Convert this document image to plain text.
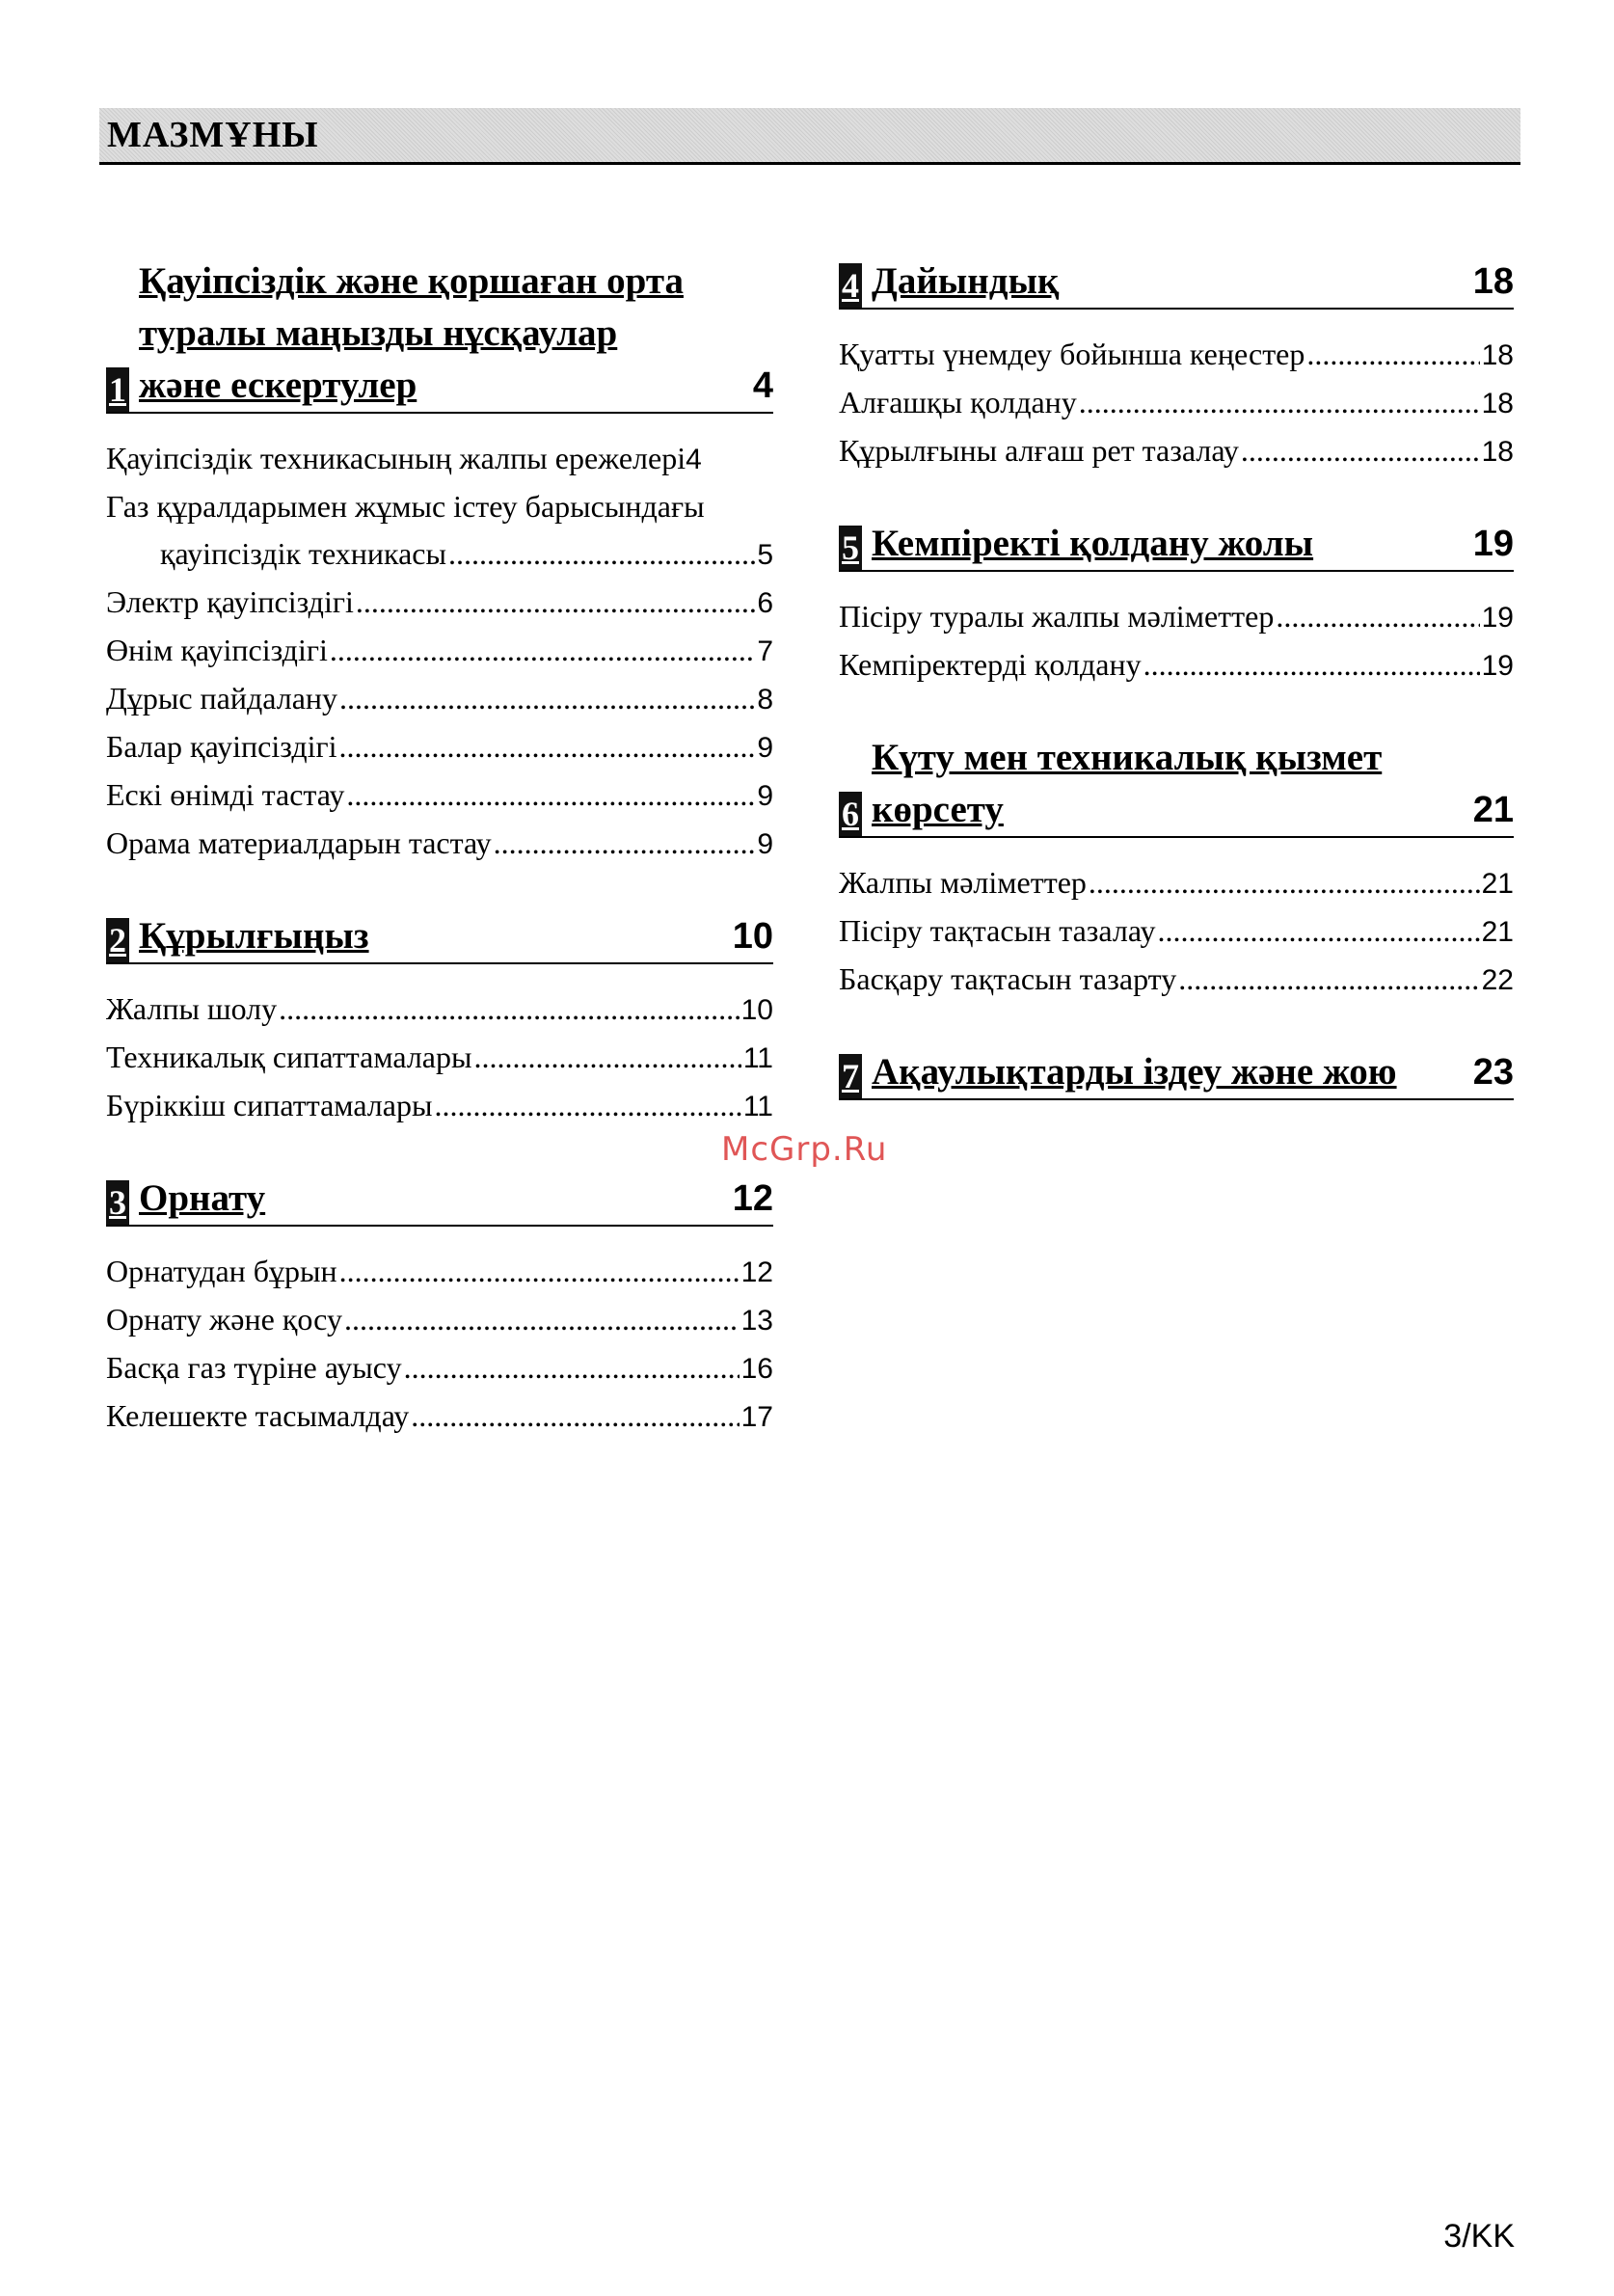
МАЗМҰНЫ
1
Қауіпсіздік және қоршаған орта
туралы маңызды нұсқаулар
және ескертулер	4
Қауіпсіздік техникасының жалпы ережелері 4
Газ құралдарымен жұмыс істеу барысындағы
қауіпсіздік техникасы .....	5
Электр қауіпсіздігі .....	6
Өнім қауіпсіздігі .....	7
Дұрыс пайдалану .....	8
Балар қауіпсіздігі .....	9
Ескі өнімді тастау .....	9
Орама материалдарын тастау .....	9
2 Құрылғыңыз	10
Жалпы шолу .....	10
Техникалық сипаттамалары .....	11
Бүріккіш сипаттамалары .....	11
3 Орнату	12
Орнатудан бұрын .....	12
Орнату және қосу .....	13
Басқа газ түріне ауысу .....	16
Келешекте тасымалдау .....	17
4 Дайындық	18
Қуатты үнемдеу бойынша кеңестер .....	18
Алғашқы қолдану .....	18
Құрылғыны алғаш рет тазалау .....	18
5 Кемпіректі қолдану жолы	19
Пісіру туралы жалпы мәліметтер .....	19
Кемпіректерді қолдану .....	19
6
Күту мен техникалық қызмет
көрсету	21
Жалпы мәліметтер .....	21
Пісіру тақтасын тазалау .....	21
Басқару тақтасын тазарту .....	22
7 Ақаулықтарды іздеу және жою	23
McGrp.Ru
3/KK
